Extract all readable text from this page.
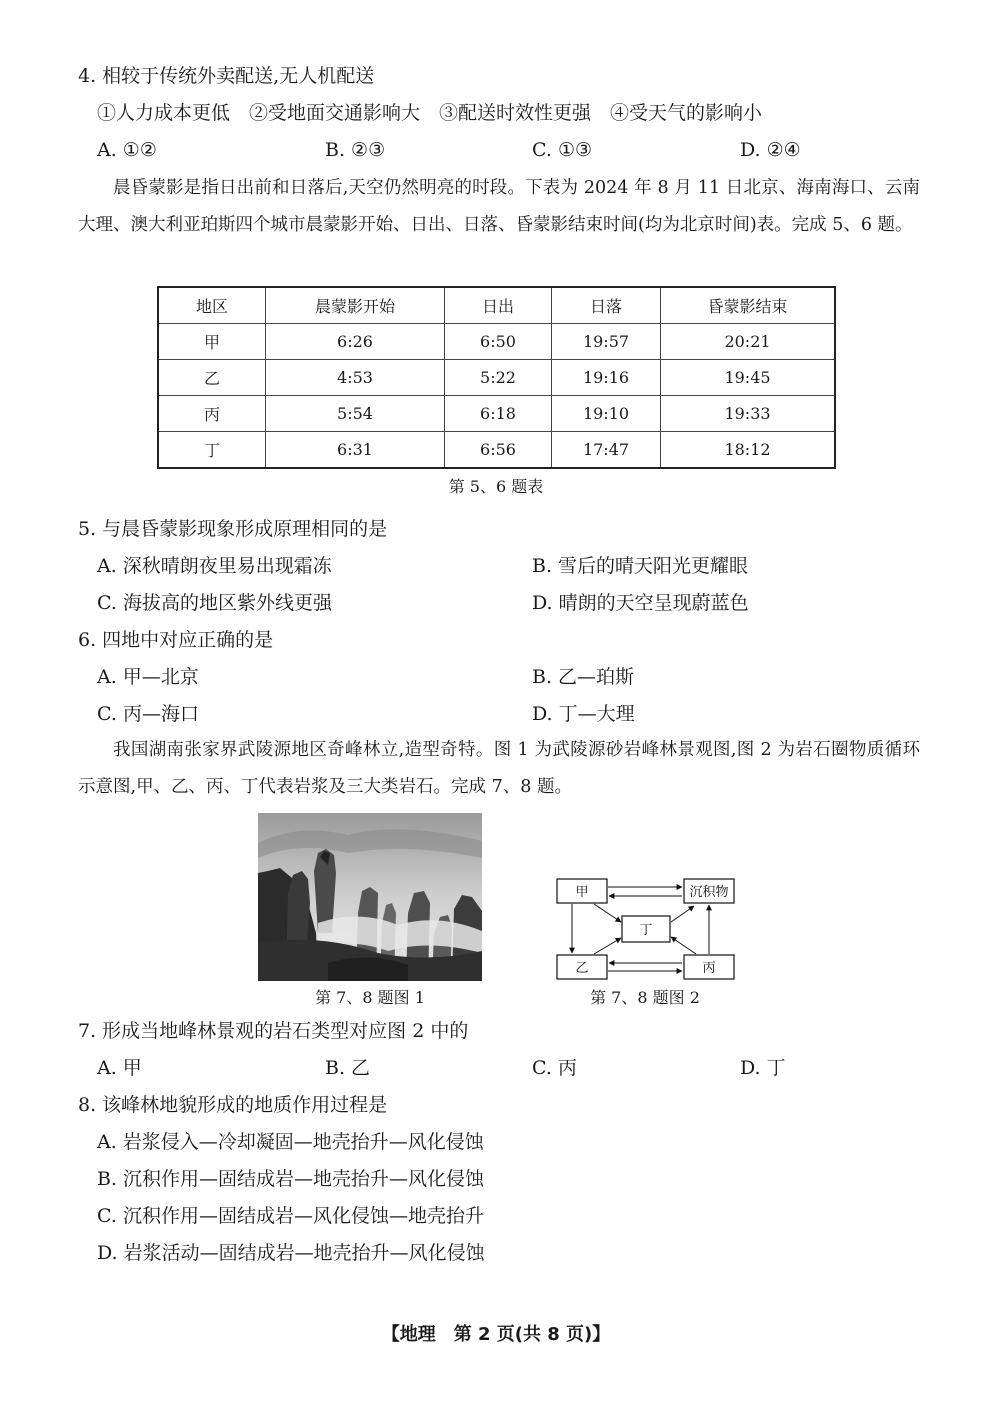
4. 相较于传统外卖配送,无人机配送
①人力成本更低　②受地面交通影响大　③配送时效性更强　④受天气的影响小
A. ①②	B. ②③	C. ①③	D. ②④
晨昏蒙影是指日出前和日落后,天空仍然明亮的时段。下表为 2024 年 8 月 11 日北京、海南海口、云南大理、澳大利亚珀斯四个城市晨蒙影开始、日出、日落、昏蒙影结束时间(均为北京时间)表。完成 5、6 题。
地区	晨蒙影开始	日出	日落	昏蒙影结束
甲	6:26	6:50	19:57	20:21
乙	4:53	5:22	19:16	19:45
丙	5:54	6:18	19:10	19:33
丁	6:31	6:56	17:47	18:12
第 5、6 题表
5. 与晨昏蒙影现象形成原理相同的是
A. 深秋晴朗夜里易出现霜冻	B. 雪后的晴天阳光更耀眼
C. 海拔高的地区紫外线更强	D. 晴朗的天空呈现蔚蓝色
6. 四地中对应正确的是
A. 甲—北京	B. 乙—珀斯
C. 丙—海口	D. 丁—大理
我国湖南张家界武陵源地区奇峰林立,造型奇特。图 1 为武陵源砂岩峰林景观图,图 2 为岩石圈物质循环示意图,甲、乙、丙、丁代表岩浆及三大类岩石。完成 7、8 题。
第 7、8 题图 1
甲	沉积物
丁
乙	丙
第 7、8 题图 2
7. 形成当地峰林景观的岩石类型对应图 2 中的
A. 甲	B. 乙	C. 丙	D. 丁
8. 该峰林地貌形成的地质作用过程是
A. 岩浆侵入—冷却凝固—地壳抬升—风化侵蚀
B. 沉积作用—固结成岩—地壳抬升—风化侵蚀
C. 沉积作用—固结成岩—风化侵蚀—地壳抬升
D. 岩浆活动—固结成岩—地壳抬升—风化侵蚀
【地理　第 2 页(共 8 页)】
